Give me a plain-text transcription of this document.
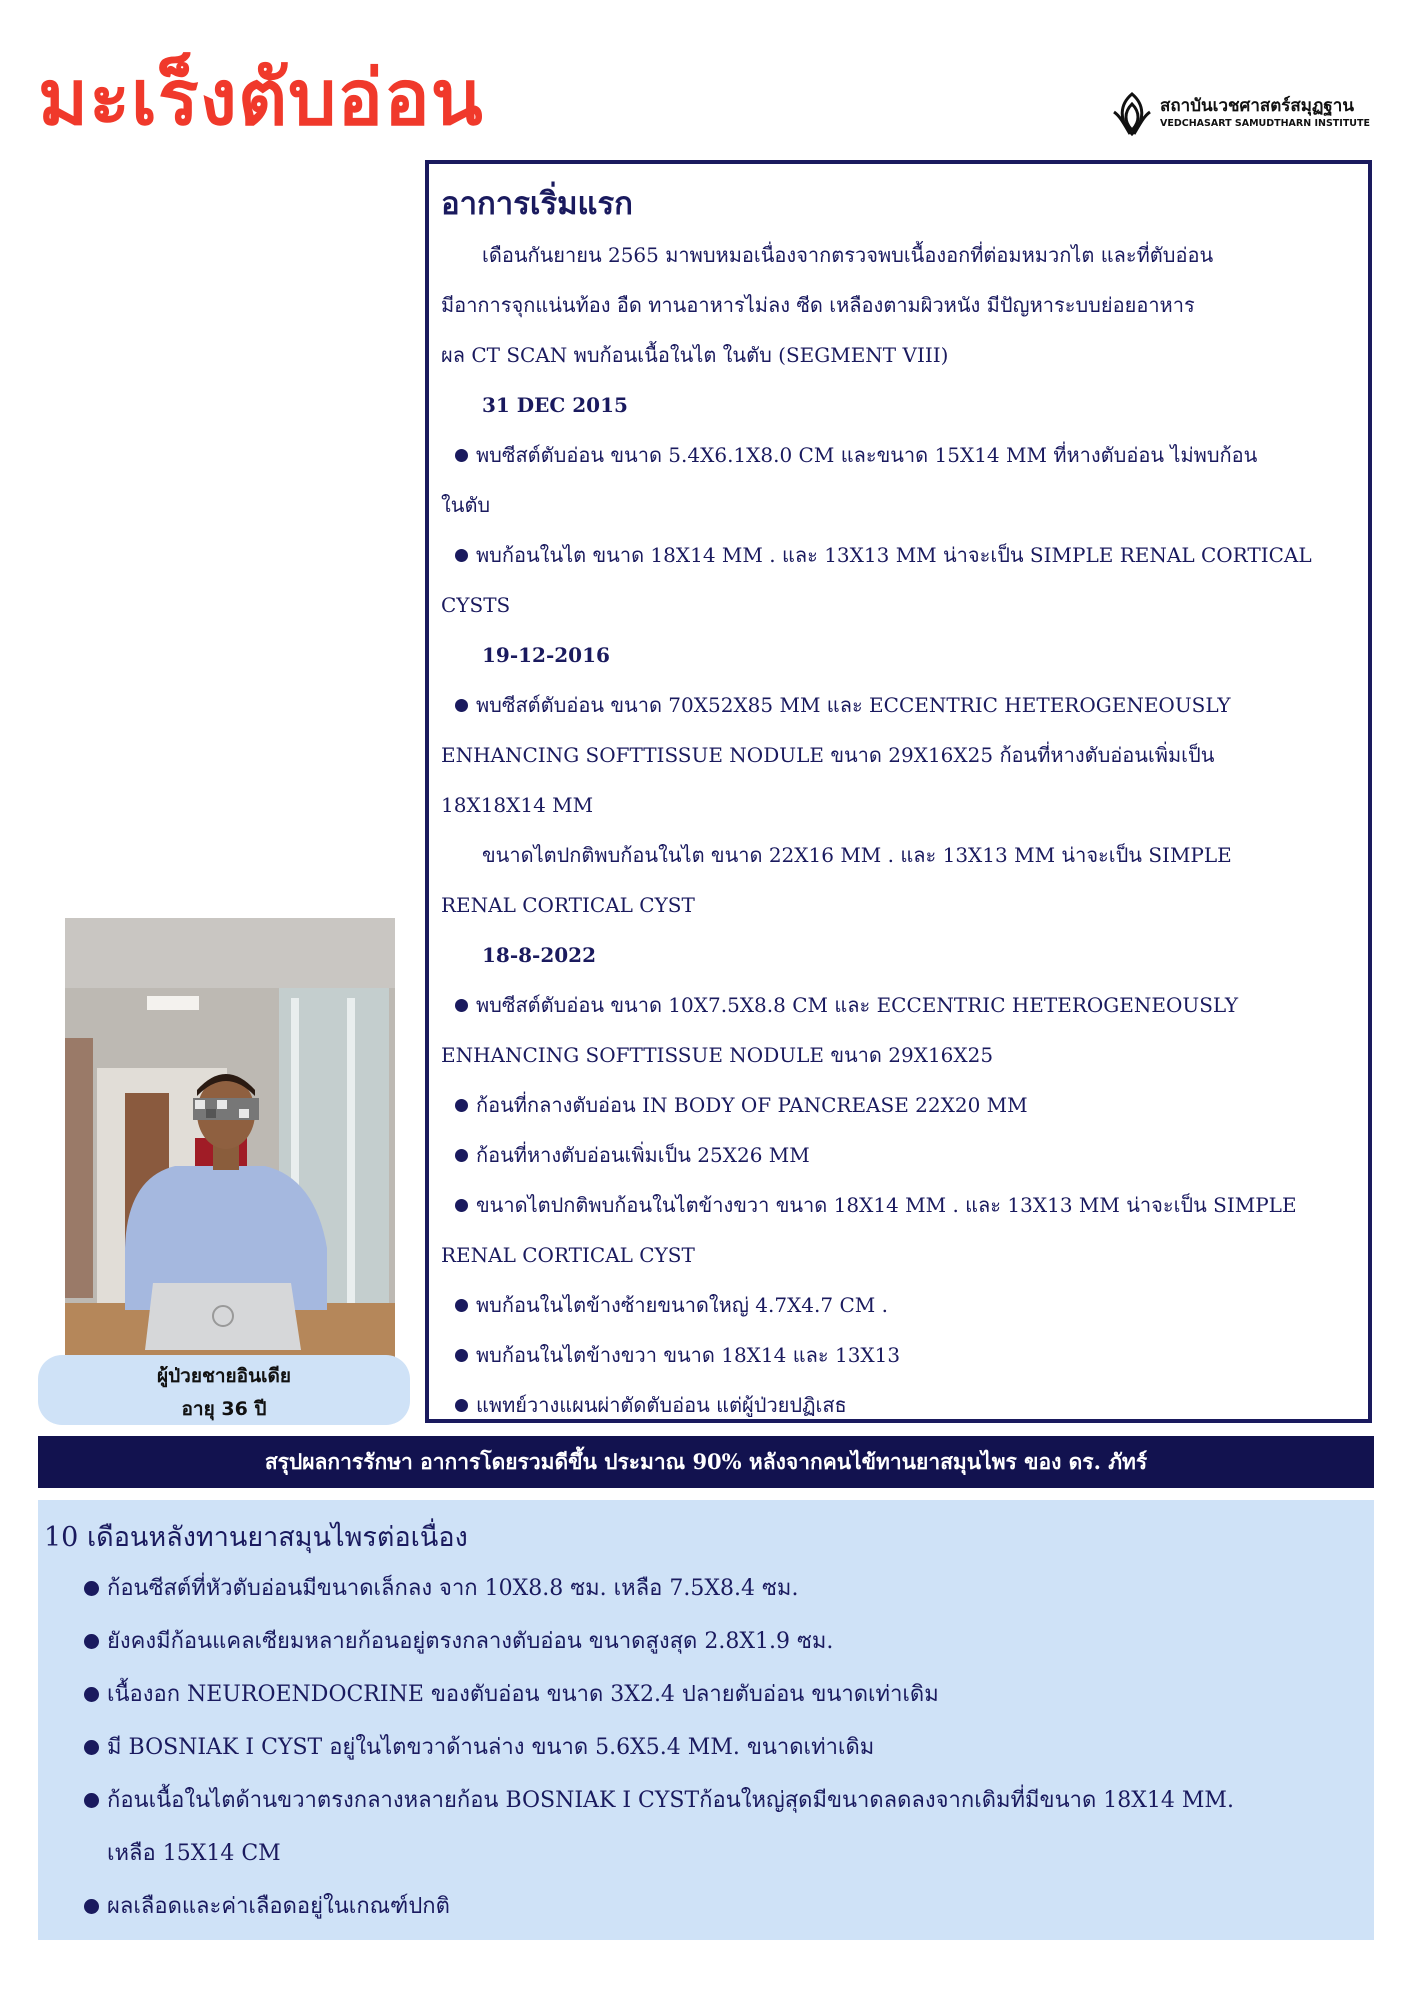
มะเร็งตับอ่อน	สถาบันเวชศาสตร์สมุฏฐาน
VEDCHASART SAMUDTHARN INSTITUTE
อาการเริ่มแรก
เดือนกันยายน 2565 มาพบหมอเนื่องจากตรวจพบเนื้องอกที่ต่อมหมวกไต และที่ตับอ่อน
มีอาการจุกแน่นท้อง อืด ทานอาหารไม่ลง ซีด เหลืองตามผิวหนัง มีปัญหาระบบย่อยอาหาร
ผล CT SCAN พบก้อนเนื้อในไต ในตับ (SEGMENT VIII)
31 DEC 2015
พบซีสต์ตับอ่อน ขนาด 5.4X6.1X8.0 CM และขนาด 15X14 MM ที่หางตับอ่อน ไม่พบก้อน
ในตับ
พบก้อนในไต ขนาด 18X14 MM . และ 13X13 MM น่าจะเป็น SIMPLE RENAL CORTICAL
CYSTS
19-12-2016
พบซีสต์ตับอ่อน ขนาด 70X52X85 MM และ ECCENTRIC HETEROGENEOUSLY
ENHANCING SOFTTISSUE NODULE ขนาด 29X16X25 ก้อนที่หางตับอ่อนเพิ่มเป็น
18X18X14 MM
ขนาดไตปกติพบก้อนในไต ขนาด 22X16 MM . และ 13X13 MM น่าจะเป็น SIMPLE
RENAL CORTICAL CYST
18-8-2022
พบซีสต์ตับอ่อน ขนาด 10X7.5X8.8 CM และ ECCENTRIC HETEROGENEOUSLY
ENHANCING SOFTTISSUE NODULE ขนาด 29X16X25
ก้อนที่กลางตับอ่อน IN BODY OF PANCREASE 22X20 MM
ก้อนที่หางตับอ่อนเพิ่มเป็น 25X26 MM
ขนาดไตปกติพบก้อนในไตข้างขวา ขนาด 18X14 MM . และ 13X13 MM น่าจะเป็น SIMPLE
RENAL CORTICAL CYST
พบก้อนในไตข้างซ้ายขนาดใหญ่ 4.7X4.7 CM .
พบก้อนในไตข้างขวา ขนาด 18X14 และ 13X13
แพทย์วางแผนผ่าตัดตับอ่อน แต่ผู้ป่วยปฏิเสธ
ผู้ป่วยชายอินเดีย
อายุ 36 ปี
สรุปผลการรักษา อาการโดยรวมดีขึ้น ประมาณ 90% หลังจากคนไข้ทานยาสมุนไพร ของ ดร. ภัทร์
10 เดือนหลังทานยาสมุนไพรต่อเนื่อง
ก้อนซีสต์ที่หัวตับอ่อนมีขนาดเล็กลง จาก 10X8.8 ซม. เหลือ 7.5X8.4 ซม.
ยังคงมีก้อนแคลเซียมหลายก้อนอยู่ตรงกลางตับอ่อน ขนาดสูงสุด 2.8X1.9 ซม.
เนื้องอก NEUROENDOCRINE ของตับอ่อน ขนาด 3X2.4 ปลายตับอ่อน ขนาดเท่าเดิม
มี BOSNIAK I CYST อยู่ในไตขวาด้านล่าง ขนาด 5.6X5.4 MM. ขนาดเท่าเดิม
ก้อนเนื้อในไตด้านขวาตรงกลางหลายก้อน BOSNIAK I CYSTก้อนใหญ่สุดมีขนาดลดลงจากเดิมที่มีขนาด 18X14 MM.
เหลือ 15X14 CM
ผลเลือดและค่าเลือดอยู่ในเกณฑ์ปกติ
